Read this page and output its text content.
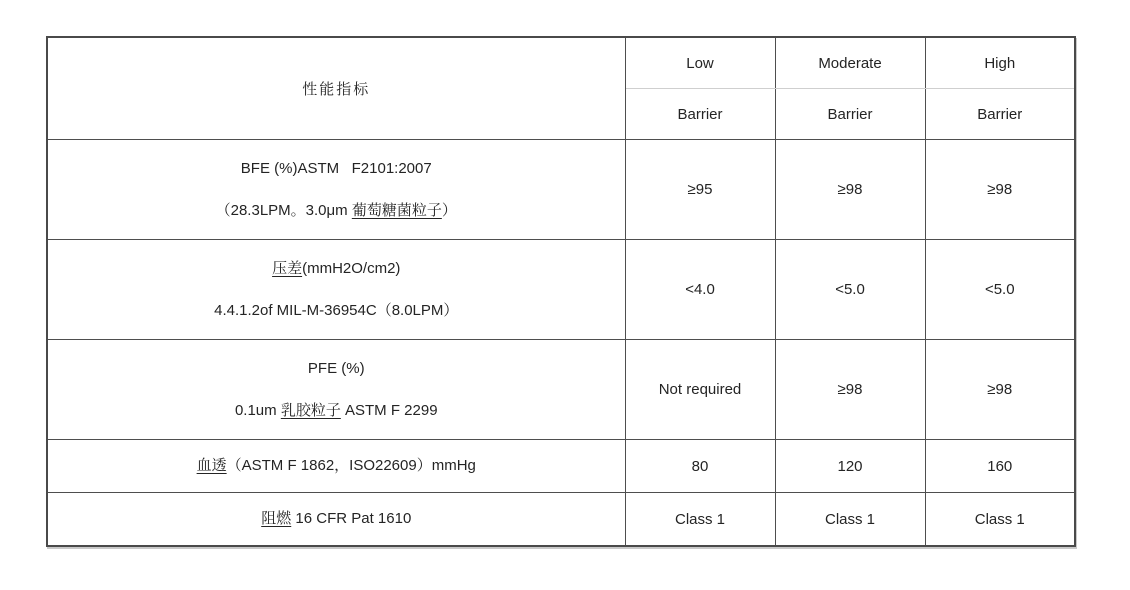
性能指标	Low	Moderate	High
	Barrier	Barrier	Barrier

BFE (%)ASTM   F2101:2007
（28.3LPM。3.0μm 葡萄糖菌粒子）	≥95	≥98	≥98

压差(mmH2O/cm2)
4.4.1.2of MIL-M-36954C（8.0LPM）	<4.0	<5.0	<5.0

PFE (%)
0.1um 乳胶粒子 ASTM F 2299	Not required	≥98	≥98

血透（ASTM F 1862，ISO22609）mmHg	80	120	160

阻燃 16 CFR Pat 1610	Class 1	Class 1	Class 1
